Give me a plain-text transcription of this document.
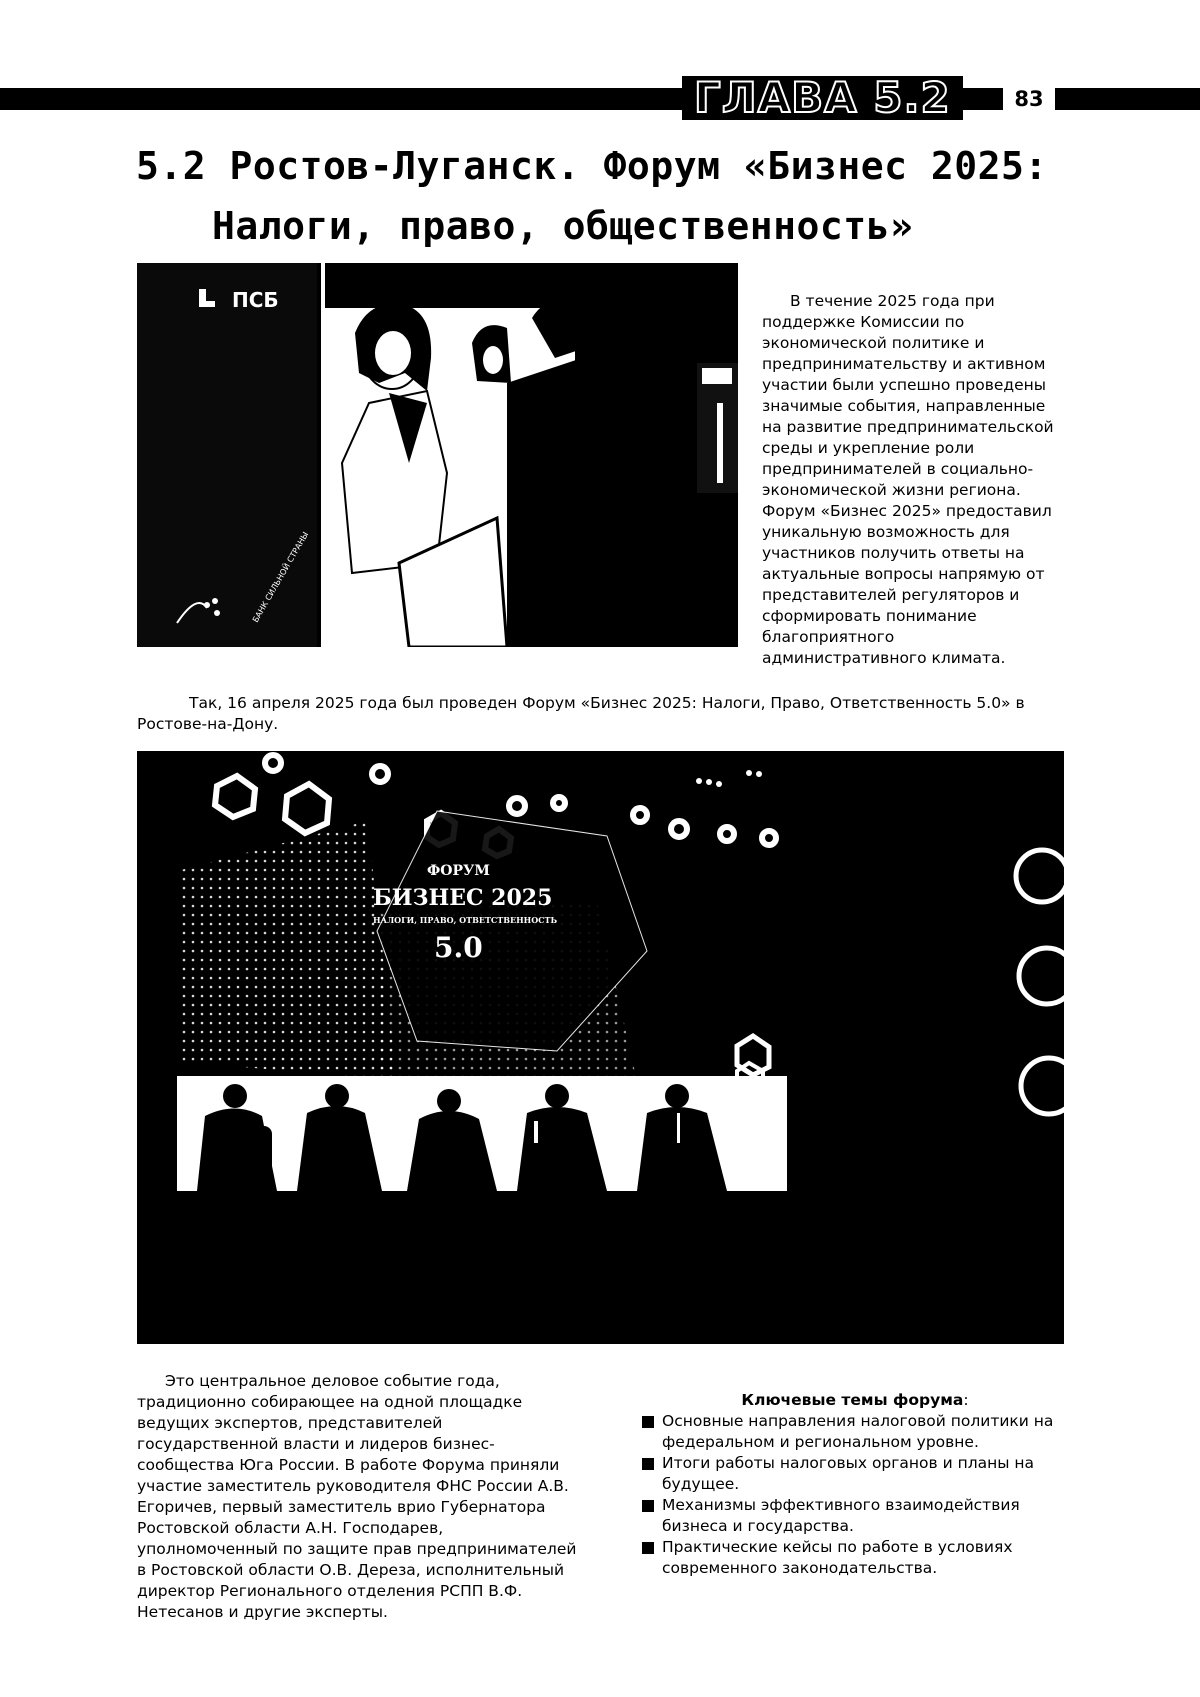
ГЛАВА 5.2	83
5.2 Ростов-Луганск. Форум «Бизнес 2025:
Налоги, право, общественность»
ПСБ
БАНК СИЛЬНОЙ СТРАНЫ
В течение 2025 года при поддержке Комиссии по экономической политике и предпринимательству и активном участии были успешно проведены значимые события, направленные на развитие предпринимательской среды и укрепление роли предпринимателей в социально-экономической жизни региона. Форум «Бизнес 2025» предоставил уникальную возможность для участников получить ответы на актуальные вопросы напрямую от представителей регуляторов и сформировать понимание благоприятного административного климата.
Так, 16 апреля 2025 года был проведен Форум «Бизнес 2025: Налоги, Право, Ответственность 5.0» в Ростове-на-Дону.
ФОРУМ
БИЗНЕС 2025
НАЛОГИ, ПРАВО, ОТВЕТСТВЕННОСТЬ
5.0
Это центральное деловое событие года, традиционно собирающее на одной площадке ведущих экспертов, представителей государственной власти и лидеров бизнес-сообщества Юга России. В работе Форума приняли участие заместитель руководителя ФНС России А.В. Егоричев, первый заместитель врио Губернатора Ростовской области А.Н. Господарев, уполномоченный по защите прав предпринимателей в Ростовской области О.В. Дереза, исполнительный директор Регионального отделения РСПП В.Ф. Нетесанов и другие эксперты.
Ключевые темы форума:
Основные направления налоговой политики на федеральном и региональном уровне.
Итоги работы налоговых органов и планы на будущее.
Механизмы эффективного взаимодействия бизнеса и государства.
Практические кейсы по работе в условиях современного законодательства.
